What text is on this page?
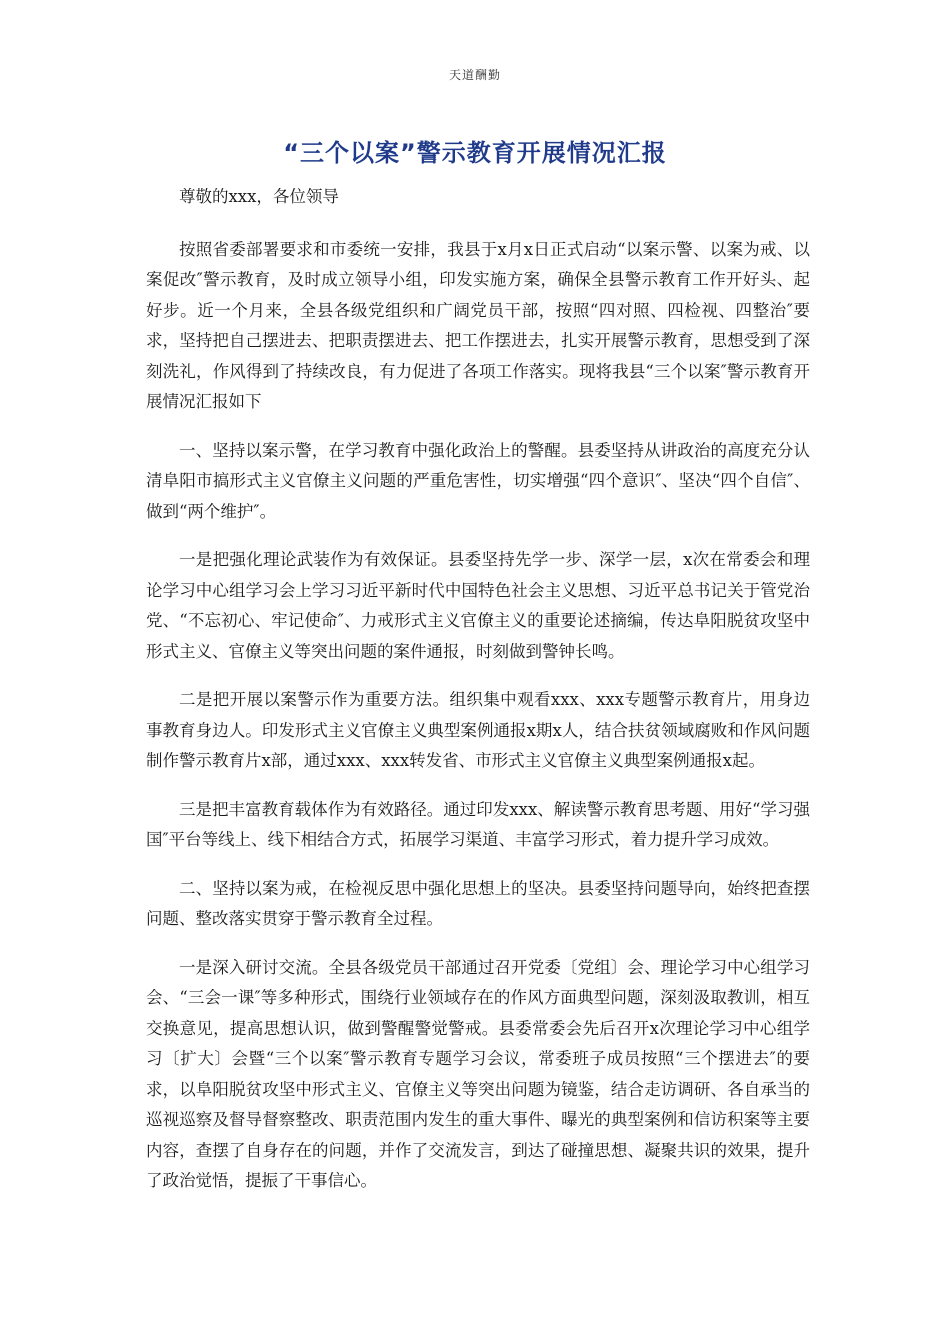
天道酬勤
“三个以案”警示教育开展情况汇报

尊敬的xxx，各位领导

按照省委部署要求和市委统一安排，我县于x月x日正式启动“以案示警、以案为戒、以案促改″警示教育，及时成立领导小组，印发实施方案，确保全县警示教育工作开好头、起好步。近一个月来，全县各级党组织和广阔党员干部，按照“四对照、四检视、四整治″要求，坚持把自己摆进去、把职责摆进去、把工作摆进去，扎实开展警示教育，思想受到了深刻洗礼，作风得到了持续改良，有力促进了各项工作落实。现将我县“三个以案″警示教育开展情况汇报如下

一、坚持以案示警，在学习教育中强化政治上的警醒。县委坚持从讲政治的高度充分认清阜阳市搞形式主义官僚主义问题的严重危害性，切实增强“四个意识″、坚决“四个自信″、做到“两个维护″。

一是把强化理论武装作为有效保证。县委坚持先学一步、深学一层，x次在常委会和理论学习中心组学习会上学习习近平新时代中国特色社会主义思想、习近平总书记关于管党治党、“不忘初心、牢记使命″、力戒形式主义官僚主义的重要论述摘编，传达阜阳脱贫攻坚中形式主义、官僚主义等突出问题的案件通报，时刻做到警钟长鸣。

二是把开展以案警示作为重要方法。组织集中观看xxx、xxx专题警示教育片，用身边事教育身边人。印发形式主义官僚主义典型案例通报x期x人，结合扶贫领域腐败和作风问题制作警示教育片x部，通过xxx、xxx转发省、市形式主义官僚主义典型案例通报x起。

三是把丰富教育载体作为有效路径。通过印发xxx、解读警示教育思考题、用好“学习强国″平台等线上、线下相结合方式，拓展学习渠道、丰富学习形式，着力提升学习成效。

二、坚持以案为戒，在检视反思中强化思想上的坚决。县委坚持问题导向，始终把查摆问题、整改落实贯穿于警示教育全过程。

一是深入研讨交流。全县各级党员干部通过召开党委〔党组〕会、理论学习中心组学习会、“三会一课″等多种形式，围绕行业领域存在的作风方面典型问题，深刻汲取教训，相互交换意见，提高思想认识，做到警醒警觉警戒。县委常委会先后召开x次理论学习中心组学习〔扩大〕会暨“三个以案″警示教育专题学习会议，常委班子成员按照“三个摆进去″的要求，以阜阳脱贫攻坚中形式主义、官僚主义等突出问题为镜鉴，结合走访调研、各自承当的巡视巡察及督导督察整改、职责范围内发生的重大事件、曝光的典型案例和信访积案等主要内容，查摆了自身存在的问题，并作了交流发言，到达了碰撞思想、凝聚共识的效果，提升了政治觉悟，提振了干事信心。
